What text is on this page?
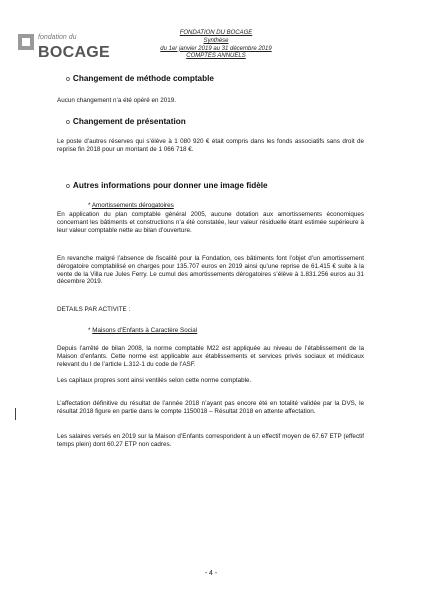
fondation du
BOCAGE
FONDATION DU BOCAGE
Synthèse
du 1er janvier 2019 au 31 décembre 2019
COMPTES ANNUELS
o Changement de méthode comptable
Aucun changement n’a été opéré en 2019.
o Changement de présentation
Le poste d’autres réserves qui s’élève à 1 080 920 € était compris dans les fonds associatifs sans droit de reprise fin 2018 pour un montant de 1 066 718 €.
o Autres informations pour donner une image fidèle
* Amortissements dérogatoires
En application du plan comptable général 2005, aucune dotation aux amortissements économiques concernant les bâtiments et constructions n’a été constatée, leur valeur résiduelle étant estimée supérieure à leur valeur comptable nette au bilan d’ouverture.
En revanche malgré l’absence de fiscalité pour la Fondation, ces bâtiments font l’objet d’un amortissement dérogatoire comptabilisé en charges pour 135.707 euros en 2019 ainsi qu’une reprise de 61.415 € suite à la vente de la Villa rue Jules Ferry. Le cumul des amortissements dérogatoires s’élève à 1.831.256 euros au 31 décembre 2019.
DETAILS PAR ACTIVITE :
* Maisons d’Enfants à Caractère Social
Depuis l’arrêté de bilan 2008, la norme comptable M22 est appliquée au niveau de l’établissement de la Maison d’enfants. Cette norme est applicable aux établissements et services privés sociaux et médicaux relevant du I de l’article L.312-1 du code de l’ASF.
Les capitaux propres sont ainsi ventilés selon cette norme comptable.
L’affectation définitive du résultat de l’année 2018 n’ayant pas encore été en totalité validée par la DVS, le résultat 2018 figure en partie dans le compte 1150018 – Résultat 2018 en attente affectation.
Les salaires versés en 2019 sur la Maison d’Enfants correspondent à un effectif moyen de 67.67 ETP (effectif temps plein) dont 60.27 ETP non cadres.
- 4 -
